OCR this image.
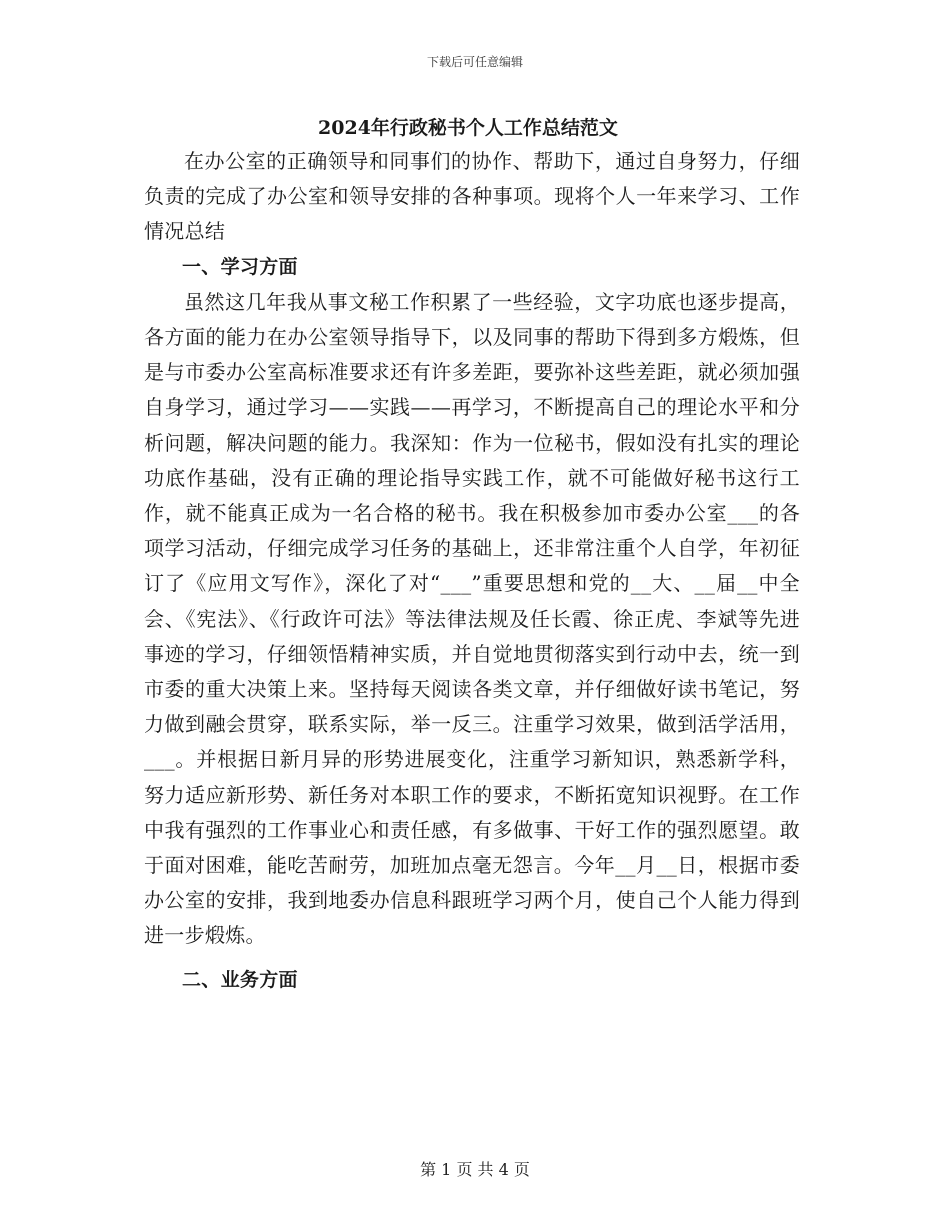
下载后可任意编辑
2024年行政秘书个人工作总结范文

在办公室的正确领导和同事们的协作、帮助下，通过自身努力，仔细负责的完成了办公室和领导安排的各种事项。现将个人一年来学习、工作情况总结

一、学习方面

虽然这几年我从事文秘工作积累了一些经验，文字功底也逐步提高，各方面的能力在办公室领导指导下，以及同事的帮助下得到多方煅炼，但是与市委办公室高标准要求还有许多差距，要弥补这些差距，就必须加强自身学习，通过学习——实践——再学习，不断提高自己的理论水平和分析问题，解决问题的能力。我深知：作为一位秘书，假如没有扎实的理论功底作基础，没有正确的理论指导实践工作，就不可能做好秘书这行工作，就不能真正成为一名合格的秘书。我在积极参加市委办公室___的各项学习活动，仔细完成学习任务的基础上，还非常注重个人自学，年初征订了《应用文写作》，深化了对“___”重要思想和党的__大、__届__中全会、《宪法》、《行政许可法》等法律法规及任长霞、徐正虎、李斌等先进事迹的学习，仔细领悟精神实质，并自觉地贯彻落实到行动中去，统一到市委的重大决策上来。坚持每天阅读各类文章，并仔细做好读书笔记，努力做到融会贯穿，联系实际，举一反三。注重学习效果，做到活学活用，___。并根据日新月异的形势进展变化，注重学习新知识，熟悉新学科，努力适应新形势、新任务对本职工作的要求，不断拓宽知识视野。在工作中我有强烈的工作事业心和责任感，有多做事、干好工作的强烈愿望。敢于面对困难，能吃苦耐劳，加班加点毫无怨言。今年__月__日，根据市委办公室的安排，我到地委办信息科跟班学习两个月，使自己个人能力得到进一步煅炼。

二、业务方面

第 1 页 共 4 页
